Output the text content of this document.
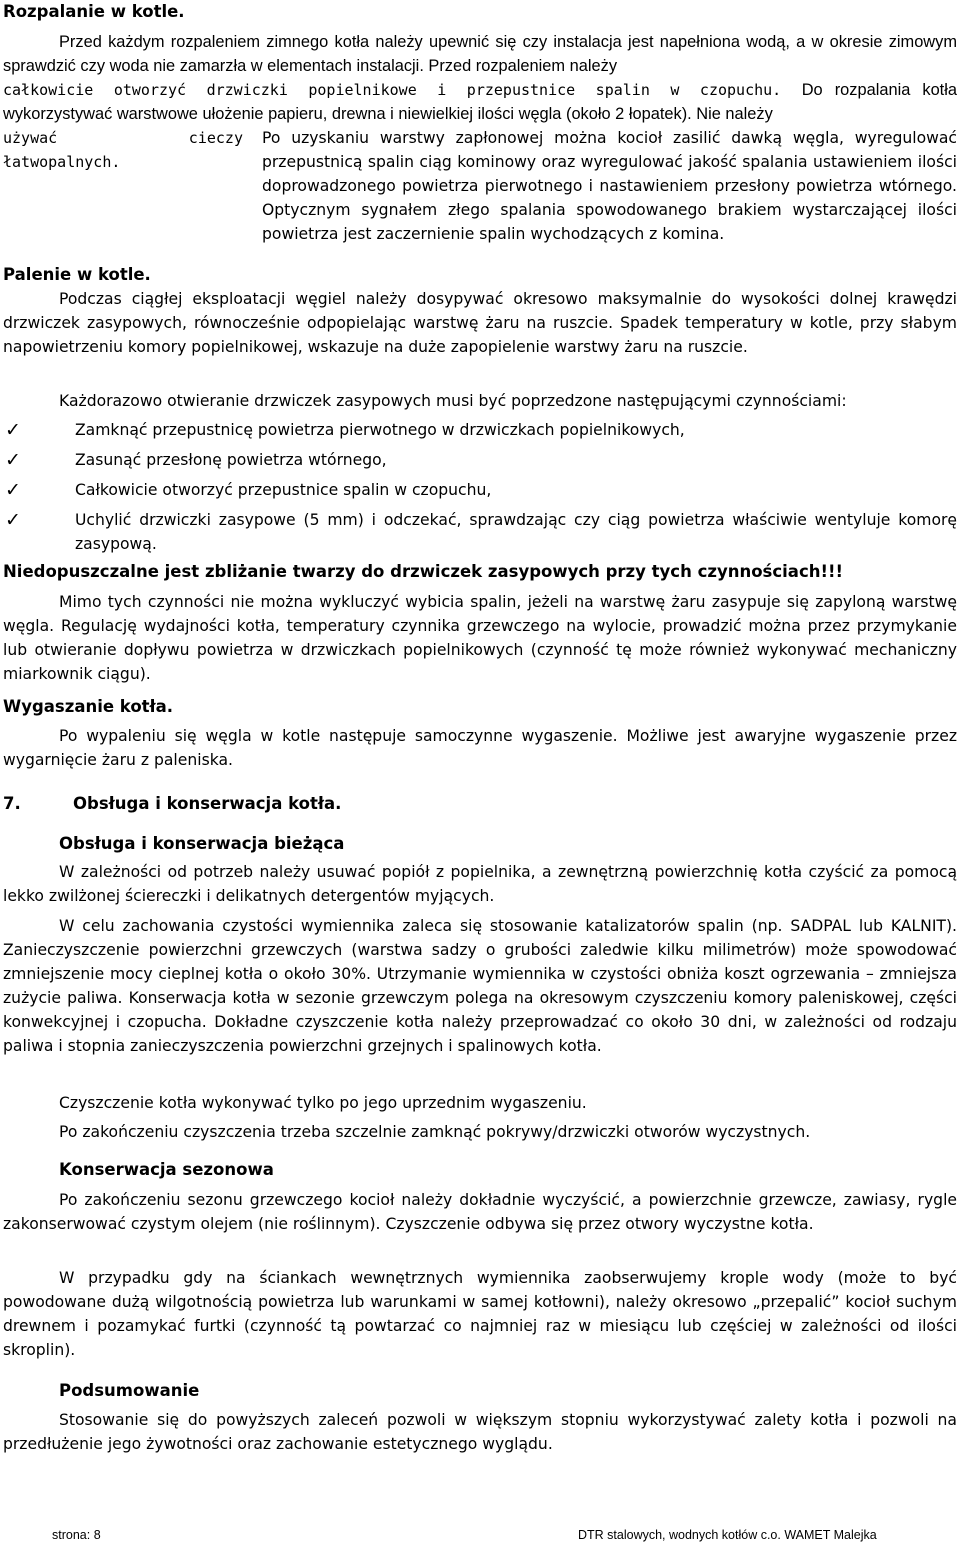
Rozpalanie w kotle.

Przed każdym rozpaleniem zimnego kotła należy upewnić się czy instalacja jest napełniona wodą, a w okresie zimowym sprawdzić czy woda nie zamarzła w elementach instalacji. Przed rozpaleniem należy

całkowicie otworzyć drzwiczki popielnikowe i przepustnice spalin w czopuchu. Do rozpalania kotła wykorzystywać warstwowe ułożenie papieru, drewna i niewielkiej ilości węgla (około 2 łopatek). Nie należy

używać cieczy łatwopalnych.

Po uzyskaniu warstwy zapłonowej można kocioł zasilić dawką węgla, wyregulować przepustnicą spalin ciąg kominowy oraz wyregulować jakość spalania ustawieniem ilości doprowadzonego powietrza pierwotnego i nastawieniem przesłony powietrza wtórnego. Optycznym sygnałem złego spalania spowodowanego brakiem wystarczającej ilości powietrza jest zaczernienie spalin wychodzących z komina.

Palenie w kotle.

Podczas ciągłej eksploatacji węgiel należy dosypywać okresowo maksymalnie do wysokości dolnej krawędzi drzwiczek zasypowych, równocześnie odpopielając warstwę żaru na ruszcie. Spadek temperatury w kotle, przy słabym napowietrzeniu komory popielnikowej, wskazuje na duże zapopielenie warstwy żaru na ruszcie.

Każdorazowo otwieranie drzwiczek zasypowych musi być poprzedzone następującymi czynnościami:

✓	Zamknąć przepustnicę powietrza pierwotnego w drzwiczkach popielnikowych,
✓	Zasunąć przesłonę powietrza wtórnego,
✓	Całkowicie otworzyć przepustnice spalin w czopuchu,
✓	Uchylić drzwiczki zasypowe (5 mm) i odczekać, sprawdzając czy ciąg powietrza właściwie wentyluje komorę zasypową.

Niedopuszczalne jest zbliżanie twarzy do drzwiczek zasypowych przy tych czynnościach!!!

Mimo tych czynności nie można wykluczyć wybicia spalin, jeżeli na warstwę żaru zasypuje się zapyloną warstwę węgla. Regulację wydajności kotła, temperatury czynnika grzewczego na wylocie, prowadzić można przez przymykanie lub otwieranie dopływu powietrza w drzwiczkach popielnikowych (czynność tę może również wykonywać mechaniczny miarkownik ciągu).

Wygaszanie kotła.

Po wypaleniu się węgla w kotle następuje samoczynne wygaszenie. Możliwe jest awaryjne wygaszenie przez wygarnięcie żaru z paleniska.

7.	Obsługa i konserwacja kotła.
Obsługa i konserwacja bieżąca

W zależności od potrzeb należy usuwać popiół z popielnika, a zewnętrzną powierzchnię kotła czyścić za pomocą lekko zwilżonej ściereczki i delikatnych detergentów myjących.

W celu zachowania czystości wymiennika zaleca się stosowanie katalizatorów spalin (np. SADPAL lub KALNIT). Zanieczyszczenie powierzchni grzewczych (warstwa sadzy o grubości zaledwie kilku milimetrów) może spowodować zmniejszenie mocy cieplnej kotła o około 30%. Utrzymanie wymiennika w czystości obniża koszt ogrzewania – zmniejsza zużycie paliwa. Konserwacja kotła w sezonie grzewczym polega na okresowym czyszczeniu komory paleniskowej, części konwekcyjnej i czopucha. Dokładne czyszczenie kotła należy przeprowadzać co około 30 dni, w zależności od rodzaju paliwa i stopnia zanieczyszczenia powierzchni grzejnych i spalinowych kotła.

Czyszczenie kotła wykonywać tylko po jego uprzednim wygaszeniu.

Po zakończeniu czyszczenia trzeba szczelnie zamknąć pokrywy/drzwiczki otworów wyczystnych.

Konserwacja sezonowa

Po zakończeniu sezonu grzewczego kocioł należy dokładnie wyczyścić, a powierzchnie grzewcze, zawiasy, rygle zakonserwować czystym olejem (nie roślinnym). Czyszczenie odbywa się przez otwory wyczystne kotła.

W przypadku gdy na ściankach wewnętrznych wymiennika zaobserwujemy krople wody (może to być powodowane dużą wilgotnością powietrza lub warunkami w samej kotłowni), należy okresowo „przepalić” kocioł suchym drewnem i pozamykać furtki (czynność tą powtarzać co najmniej raz w miesiącu lub częściej w zależności od ilości skroplin).

Podsumowanie

Stosowanie się do powyższych zaleceń pozwoli w większym stopniu wykorzystywać zalety kotła i pozwoli na przedłużenie jego żywotności oraz zachowanie estetycznego wyglądu.

strona: 8	DTR stalowych, wodnych kotłów c.o. WAMET Malejka
